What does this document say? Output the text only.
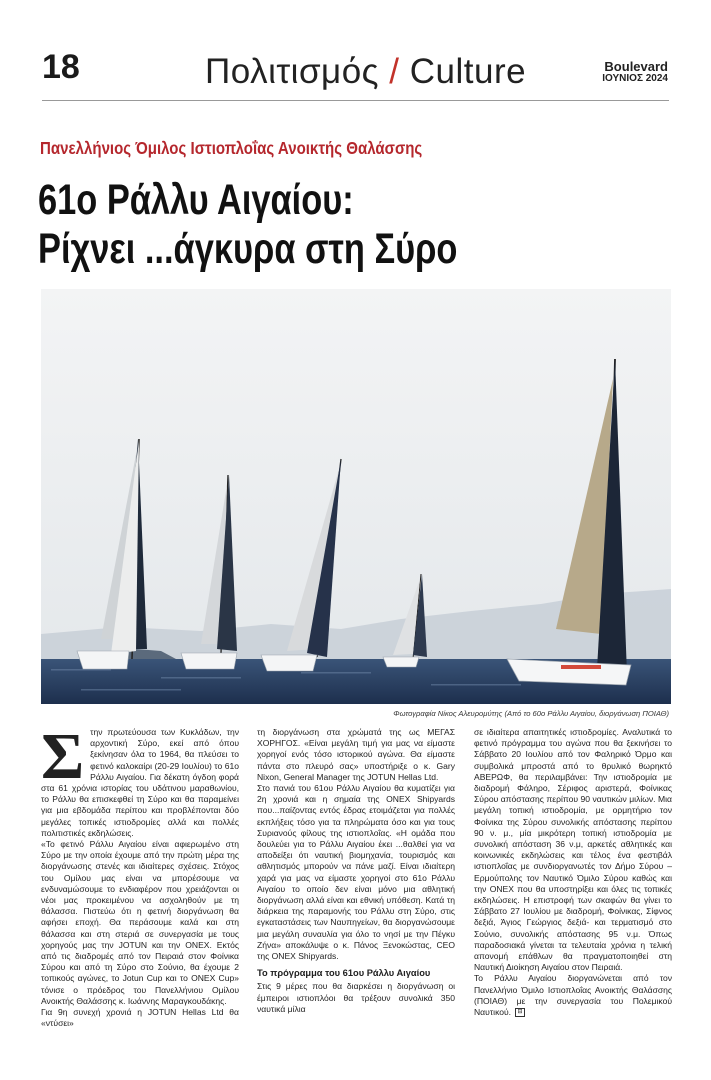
18	Πολιτισμός / Culture	Boulevard
ΙΟΥΝΙΟΣ 2024
Πανελλήνιος Όμιλος Ιστιοπλοΐας Ανοικτής Θαλάσσης
61ο Ράλλυ Αιγαίου:
Ρίχνει ...άγκυρα στη Σύρο
Φωτογραφία Νίκος Αλευρομύτης (Από το 60ο Ράλλυ Αιγαίου, διοργάνωση ΠΟΙΑΘ)

Στην πρωτεύουσα των Κυκλάδων, την αρχοντική Σύρο, εκεί από όπου ξεκίνησαν όλα το 1964, θα πλεύσει το φετινό καλοκαίρι (20-29 Ιουλίου) το 61ο Ράλλυ Αιγαίου. Για δέκατη όγδοη φορά στα 61 χρόνια ιστορίας του υδάτινου μαραθωνίου, το Ράλλυ θα επισκεφθεί τη Σύρο και θα παραμείνει για μια εβδομάδα περίπου και προβλέπονται δύο μεγάλες τοπικές ιστιοδρομίες αλλά και πολλές πολιτιστικές εκδηλώσεις.

«Το φετινό Ράλλυ Αιγαίου είναι αφιερωμένο στη Σύρο με την οποία έχουμε από την πρώτη μέρα της διοργάνωσης στενές και ιδιαίτερες σχέσεις. Στόχος του Ομίλου μας είναι να μπορέσουμε να ενδυναμώσουμε το ενδιαφέρον που χρειάζονται οι νέοι μας προκειμένου να ασχοληθούν με τη θάλασσα. Πιστεύω ότι η φετινή διοργάνωση θα αφήσει εποχή. Θα περάσουμε καλά και στη θάλασσα και στη στεριά σε συνεργασία με τους χορηγούς μας την JOTUN και την ONEX. Εκτός από τις διαδρομές από τον Πειραιά στον Φοίνικα Σύρου και από τη Σύρο στο Σούνιο, θα έχουμε 2 τοπικούς αγώνες, το Jotun Cup και το ONEX Cup» τόνισε ο πρόεδρος του Πανελλήνιου Ομίλου Ανοικτής Θαλάσσης κ. Ιωάννης Μαραγκουδάκης.

Για 9η συνεχή χρονιά η JOTUN Hellas Ltd θα «ντύσει»

τη διοργάνωση στα χρώματά της ως ΜΕΓΑΣ ΧΟΡΗΓΟΣ. «Είναι μεγάλη τιμή για μας να είμαστε χορηγοί ενός τόσο ιστορικού αγώνα. Θα είμαστε πάντα στο πλευρό σας» υποστήριξε ο κ. Gary Nixon, General Manager της JOTUN Hellas Ltd.

Στο πανιά του 61ου Ράλλυ Αιγαίου θα κυματίζει για 2η χρονιά και η σημαία της ONEX Shipyards που...παίζοντας εντός έδρας ετοιμάζεται για πολλές εκπλήξεις τόσο για τα πληρώματα όσο και για τους Συριανούς φίλους της ιστιοπλοΐας. «Η ομάδα που δουλεύει για το Ράλλυ Αιγαίου έκει ...θαλθεί για να αποδείξει ότι ναυτική βιομηχανία, τουρισμός και αθλητισμός μπορούν να πάνε μαζί. Είναι ιδιαίτερη χαρά για μας να είμαστε χορηγοί στο 61ο Ράλλυ Αιγαίου το οποίο δεν είναι μόνο μια αθλητική διοργάνωση αλλά είναι και εθνική υπόθεση. Κατά τη διάρκεια της παραμονής του Ράλλυ στη Σύρο, στις εγκαταστάσεις των Ναυπηγείων, θα διοργανώσουμε μια μεγάλη συναυλία για όλο το νησί με την Πέγκυ Ζήνα» αποκάλυψε ο κ. Πάνος Ξενοκώστας, CEO της ONEX Shipyards.

Το πρόγραμμα του 61ου Ράλλυ Αιγαίου

Στις 9 μέρες που θα διαρκέσει η διοργάνωση οι έμπειροι ιστιοπλόοι θα τρέξουν συνολικά 350 ναυτικά μίλια

σε ιδιαίτερα απαιτητικές ιστιοδρομίες. Αναλυτικά το φετινό πρόγραμμα του αγώνα που θα ξεκινήσει το Σάββατο 20 Ιουλίου από τον Φαληρικό Όρμο και συμβολικά μπροστά από το θρυλικό θωρηκτό ΑΒΕΡΩΦ, θα περιλαμβάνει: Την ιστιοδρομία με διαδρομή Φάληρο, Σέριφος αριστερά, Φοίνικας Σύρου απόστασης περίπου 90 ναυτικών μιλίων. Μια μεγάλη τοπική ιστιοδρομία, με ορμητήριο τον Φοίνικα της Σύρου συνολικής απόστασης περίπου 90 ν. μ., μία μικρότερη τοπική ιστιοδρομία με συνολική απόσταση 36 ν.μ, αρκετές αθλητικές και κοινωνικές εκδηλώσεις και τέλος ένα φεστιβάλ ιστιοπλοΐας με συνδιοργανωτές τον Δήμο Σύρου – Ερμούπολης τον Ναυτικό Όμιλο Σύρου καθώς και την ONEX που θα υποστηρίξει και όλες τις τοπικές εκδηλώσεις. Η επιστροφή των σκαφών θα γίνει το Σάββατο 27 Ιουλίου με διαδρομή, Φοίνικας, Σίφνος δεξιά, Άγιος Γεώργιος δεξιά- και τερματισμό στο Σούνιο, συνολικής απόστασης 95 ν.μ. Όπως παραδοσιακά γίνεται τα τελευταία χρόνια η τελική απονομή επάθλων θα πραγματοποιηθεί στη Ναυτική Διοίκηση Αιγαίου στον Πειραιά.

Το Ράλλυ Αιγαίου διοργανώνεται από τον Πανελλήνιο Όμιλο Ιστιοπλοΐας Ανοικτής Θαλάσσης (ΠΟΙΑΘ) με την συνεργασία του Πολεμικού Ναυτικού. ⊟
